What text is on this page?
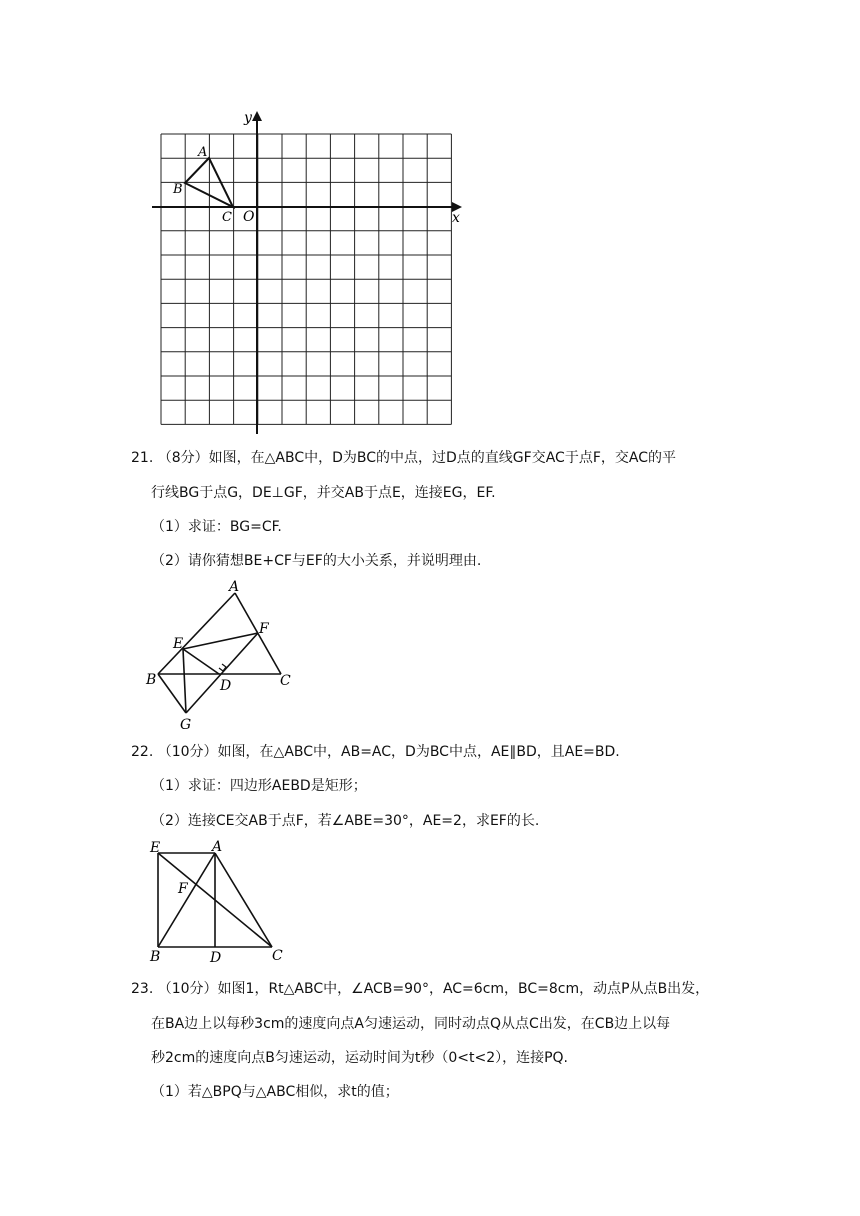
y
x
O
A
B
C
21. （8分）如图，在△ABC中，D为BC的中点，过D点的直线GF交AC于点F，交AC的平
行线BG于点G，DE⊥GF，并交AB于点E，连接EG，EF.
（1）求证：BG=CF.
（2）请你猜想BE+CF与EF的大小关系，并说明理由.
A
E
F
B	D	C
G
22. （10分）如图，在△ABC中，AB=AC，D为BC中点，AE∥BD，且AE=BD.
（1）求证：四边形AEBD是矩形；
（2）连接CE交AB于点F，若∠ABE=30°，AE=2，求EF的长.
E	A
F
B	D	C
23. （10分）如图1，Rt△ABC中，∠ACB=90°，AC=6cm，BC=8cm，动点P从点B出发，
在BA边上以每秒3cm的速度向点A匀速运动，同时动点Q从点C出发，在CB边上以每
秒2cm的速度向点B匀速运动，运动时间为t秒（0<t<2），连接PQ.
（1）若△BPQ与△ABC相似，求t的值；
